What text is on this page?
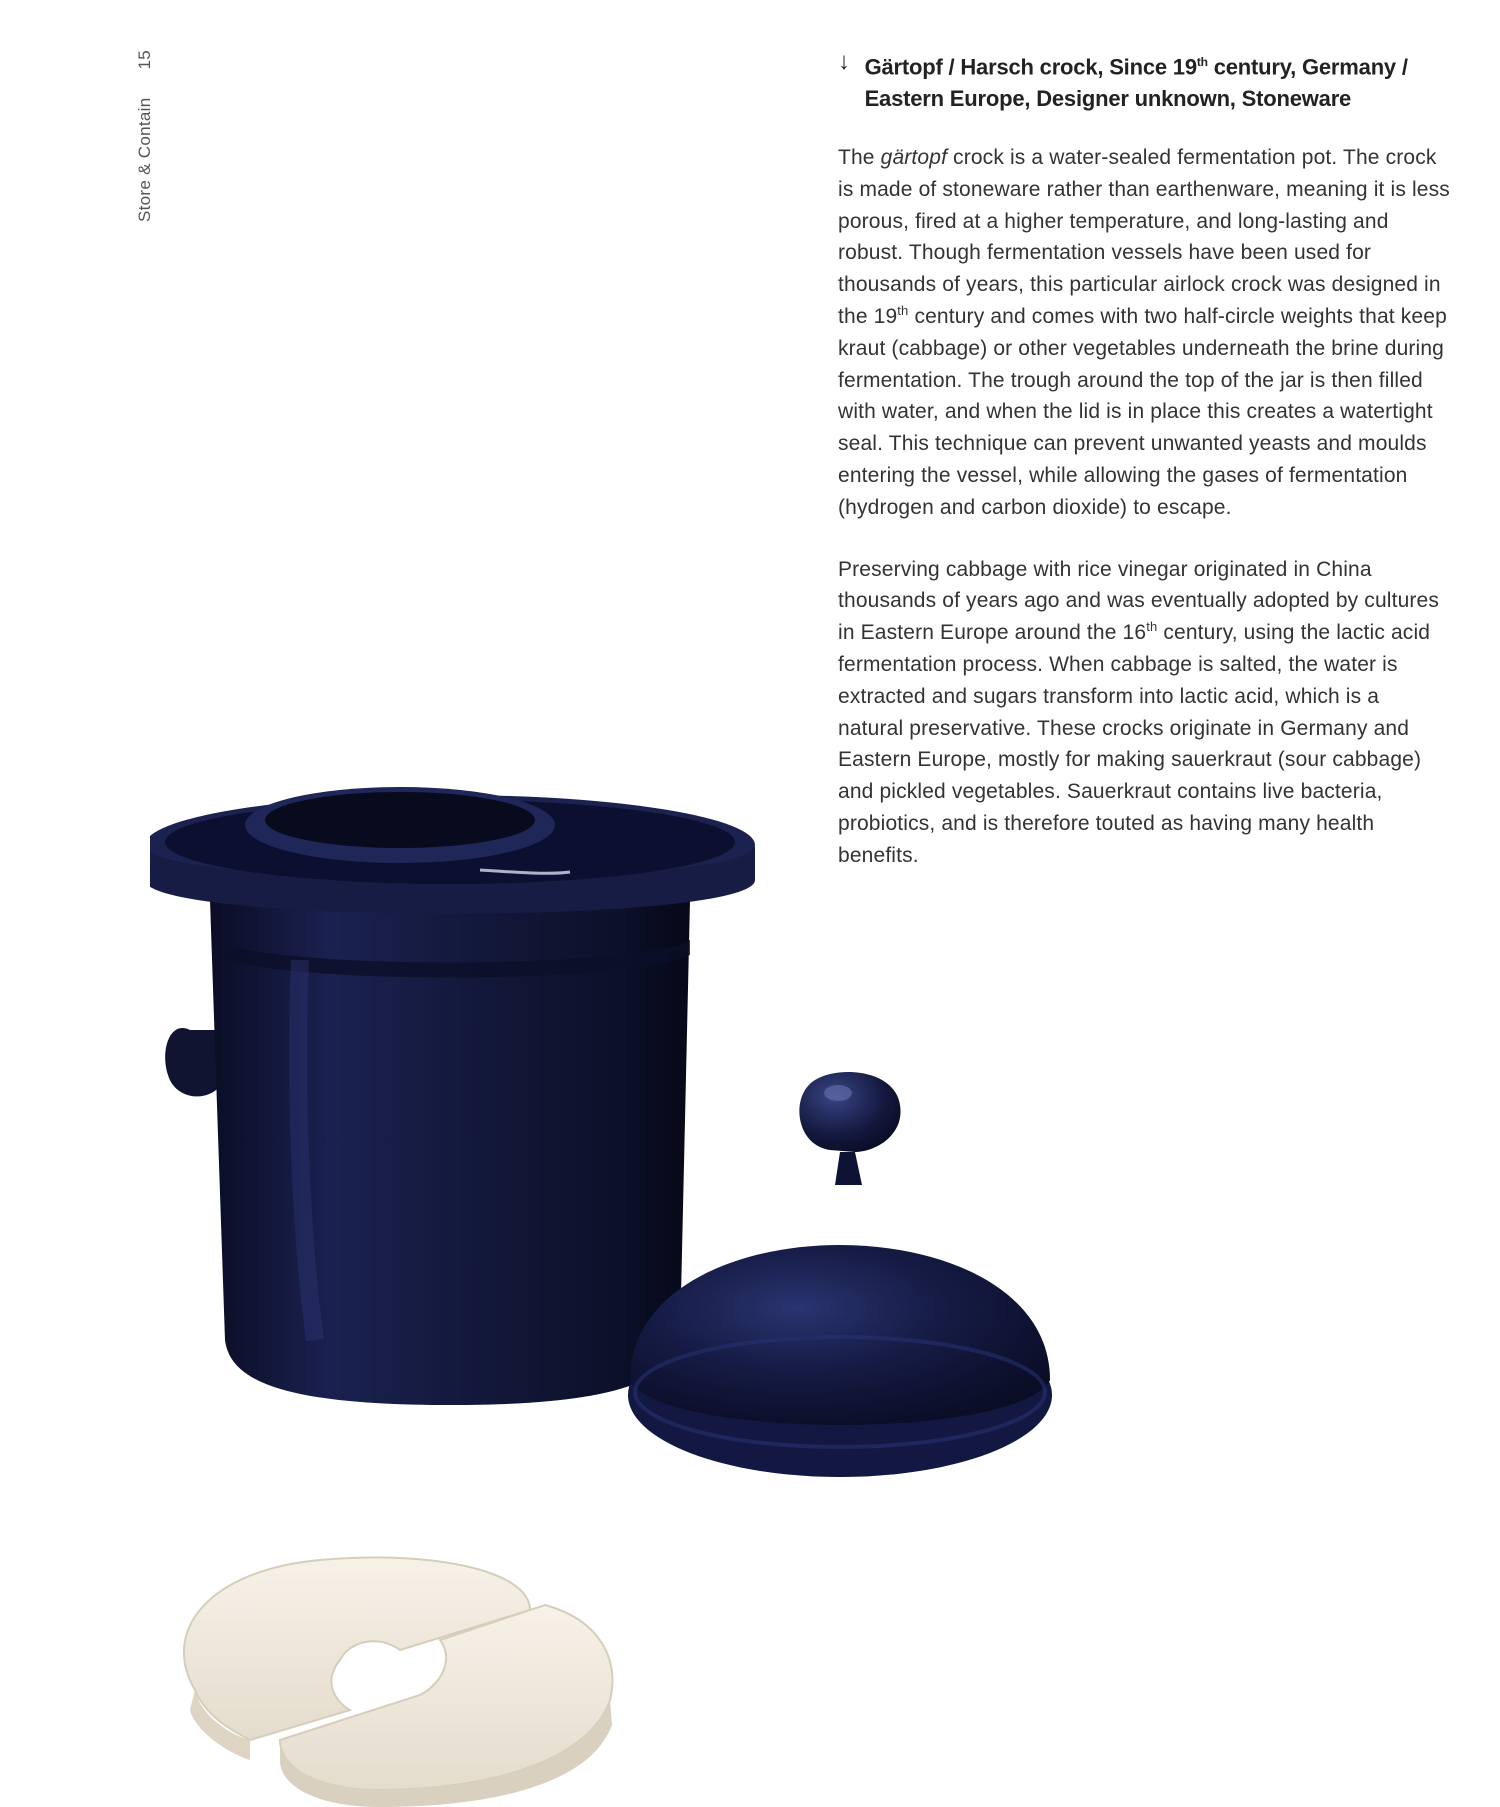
Store & Contain
15	↓ Gärtopf / Harsch crock, Since 19th century, Germany / Eastern Europe, Designer unknown, Stoneware

The gärtopf crock is a water-sealed fermentation pot. The crock is made of stoneware rather than earthenware, meaning it is less porous, fired at a higher temperature, and long-lasting and robust. Though fermentation vessels have been used for thousands of years, this particular airlock crock was designed in the 19th century and comes with two half-circle weights that keep kraut (cabbage) or other vegetables underneath the brine during fermentation. The trough around the top of the jar is then filled with water, and when the lid is in place this creates a watertight seal. This technique can prevent unwanted yeasts and moulds entering the vessel, while allowing the gases of fermentation (hydrogen and carbon dioxide) to escape.

Preserving cabbage with rice vinegar originated in China thousands of years ago and was eventually adopted by cultures in Eastern Europe around the 16th century, using the lactic acid fermentation process. When cabbage is salted, the water is extracted and sugars transform into lactic acid, which is a natural preservative. These crocks originate in Germany and Eastern Europe, mostly for making sauerkraut (sour cabbage) and pickled vegetables. Sauerkraut contains live bacteria, probiotics, and is therefore touted as having many health benefits.
